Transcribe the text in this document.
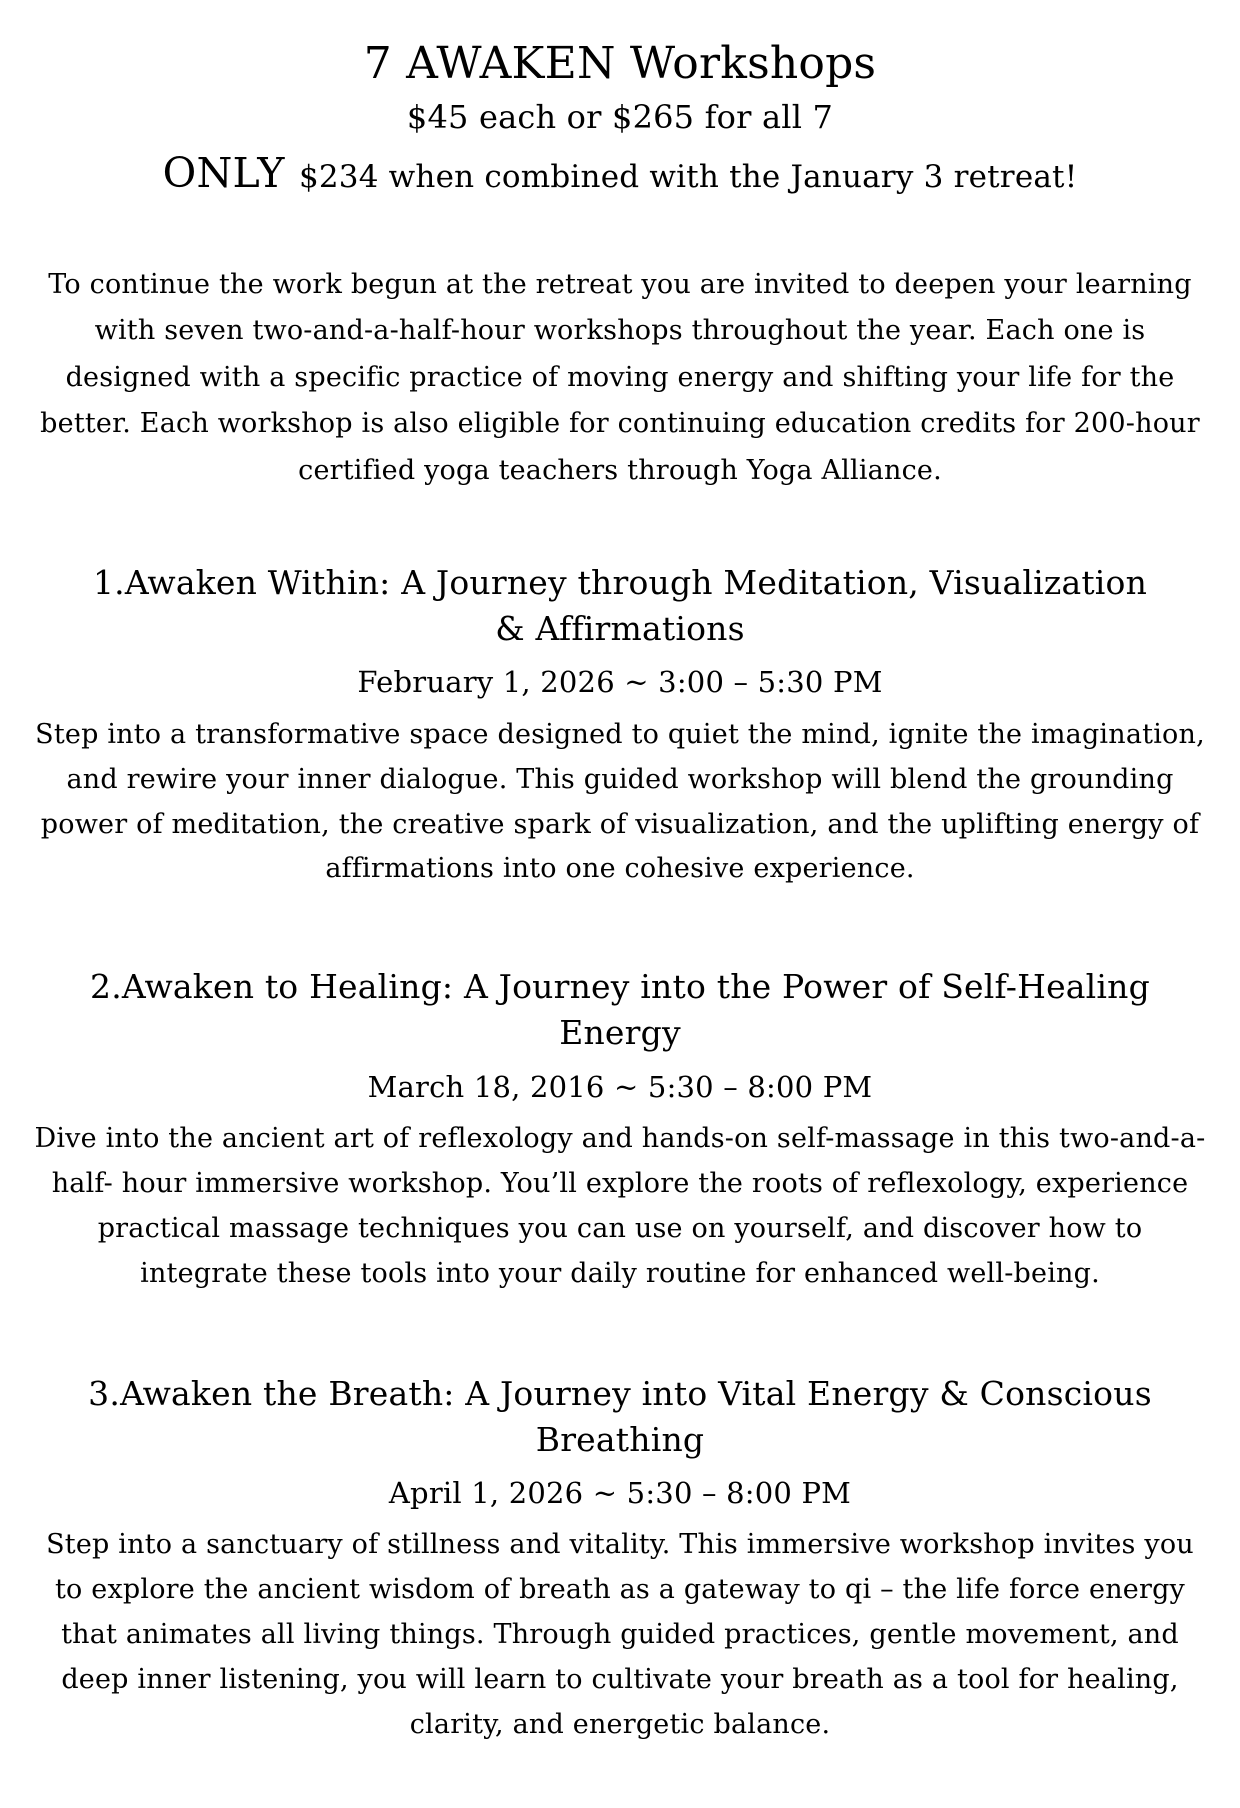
7 AWAKEN Workshops

$45 each or $265 for all 7

ONLY $234 when combined with the January 3 retreat!

To continue the work begun at the retreat you are invited to deepen your learning with seven two-and-a-half-hour workshops throughout the year. Each one is designed with a specific practice of moving energy and shifting your life for the better. Each workshop is also eligible for continuing education credits for 200-hour certified yoga teachers through Yoga Alliance.

1.Awaken Within: A Journey through Meditation, Visualization & Affirmations

February 1, 2026 ~ 3:00 – 5:30 PM

Step into a transformative space designed to quiet the mind, ignite the imagination, and rewire your inner dialogue. This guided workshop will blend the grounding power of meditation, the creative spark of visualization, and the uplifting energy of affirmations into one cohesive experience.

2.Awaken to Healing: A Journey into the Power of Self-Healing Energy

March 18, 2016 ~ 5:30 – 8:00 PM

Dive into the ancient art of reflexology and hands-on self-massage in this two-and-a- half- hour immersive workshop. You’ll explore the roots of reflexology, experience practical massage techniques you can use on yourself, and discover how to integrate these tools into your daily routine for enhanced well-being.

3.Awaken the Breath: A Journey into Vital Energy & Conscious Breathing

April 1, 2026 ~ 5:30 – 8:00 PM

Step into a sanctuary of stillness and vitality. This immersive workshop invites you to explore the ancient wisdom of breath as a gateway to qi – the life force energy that animates all living things. Through guided practices, gentle movement, and deep inner listening, you will learn to cultivate your breath as a tool for healing, clarity, and energetic balance.
